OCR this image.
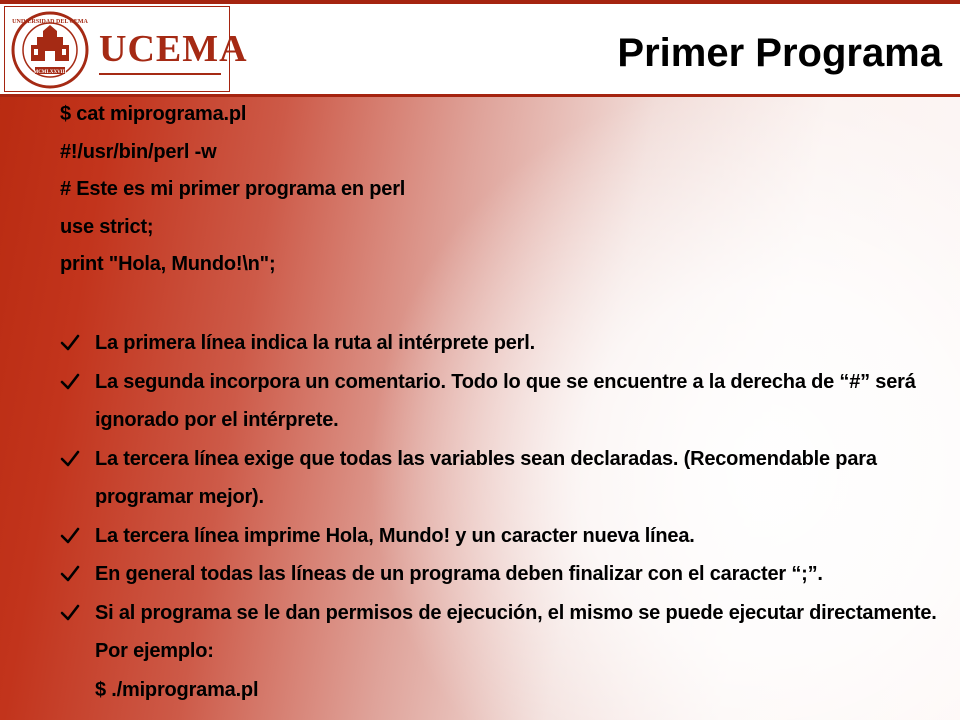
UNIVERSIDAD DEL CEMA
MCMLXXVIII
UCEMA	Primer Programa
$ cat miprograma.pl
#!/usr/bin/perl -w
# Este es mi primer programa en perl
use strict;
print "Hola, Mundo!\n";
La primera línea indica la ruta al intérprete perl.
La segunda incorpora un comentario. Todo lo que se encuentre a la derecha de “#” será ignorado por el intérprete.
La tercera línea exige que todas las variables sean declaradas. (Recomendable para programar mejor).
La tercera línea imprime Hola, Mundo! y un caracter nueva línea.
En general todas las líneas de un programa deben finalizar con el caracter “;”.
Si al programa se le dan permisos de ejecución, el mismo se puede ejecutar directamente. Por ejemplo:
$ ./miprograma.pl
